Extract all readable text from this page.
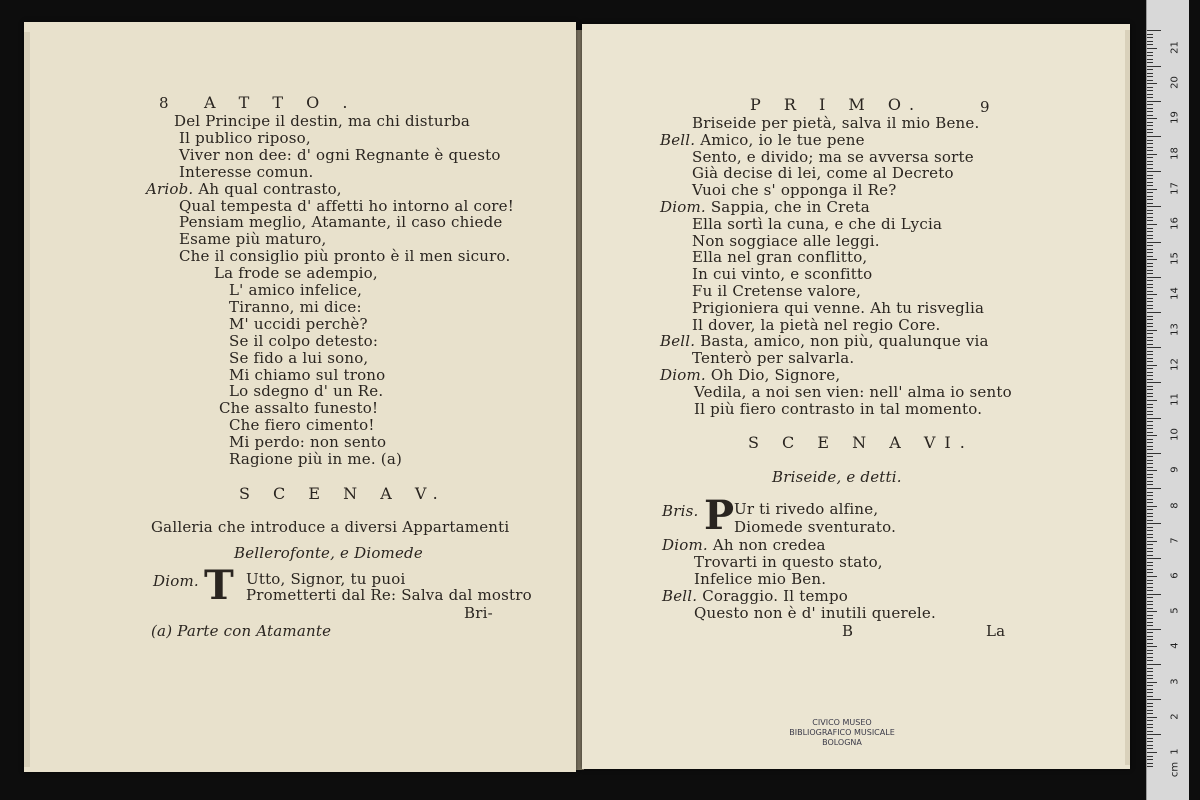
8 A T T O .
Del Principe il destin, ma chi disturba
Il publico riposo,
Viver non dee: d' ogni Regnante è questo
Interesse comun.
Ariob. Ah qual contrasto,
Qual tempesta d' affetti ho intorno al core!
Pensiam meglio, Atamante, il caso chiede
Esame più maturo,
Che il consiglio più pronto è il men sicuro.
La frode se adempio,
L' amico infelice,
Tiranno, mi dice:
M' uccidi perchè?
Se il colpo detesto:
Se fido a lui sono,
Mi chiamo sul trono
Lo sdegno d' un Re.
Che assalto funesto!
Che fiero cimento!
Mi perdo: non sento
Ragione più in me. (a)
S C E N A V.
Galleria che introduce a diversi Appartamenti
Bellerofonte, e Diomede
Diom. T Utto, Signor, tu puoi
Prometterti dal Re: Salva dal mostro
Bri-
(a) Parte con Atamante
P R I M O.	9
Briseide per pietà, salva il mio Bene.
Bell. Amico, io le tue pene
Sento, e divido; ma se avversa sorte
Già decise di lei, come al Decreto
Vuoi che s' opponga il Re?
Diom. Sappia, che in Creta
Ella sortì la cuna, e che di Lycia
Non soggiace alle leggi.
Ella nel gran conflitto,
In cui vinto, e sconfitto
Fu il Cretense valore,
Prigioniera qui venne. Ah tu risveglia
Il dover, la pietà nel regio Core.
Bell. Basta, amico, non più, qualunque via
Tenterò per salvarla.
Diom. Oh Dio, Signore,
Vedila, a noi sen vien: nell' alma io sento
Il più fiero contrasto in tal momento.
S C E N A VI.
Briseide, e detti.
Bris. P Ur ti rivedo alfine,
Diomede sventurato.
Diom. Ah non credea
Trovarti in questo stato,
Infelice mio Ben.
Bell. Coraggio. Il tempo
Questo non è d' inutili querele.
B	La
CIVICO MUSEO
BIBLIOGRAFICO MUSICALE
BOLOGNA
21
20
19
18
17
16
15
14
13
12
11
10
9
8
7
6
5
4
3
2
1
cm
